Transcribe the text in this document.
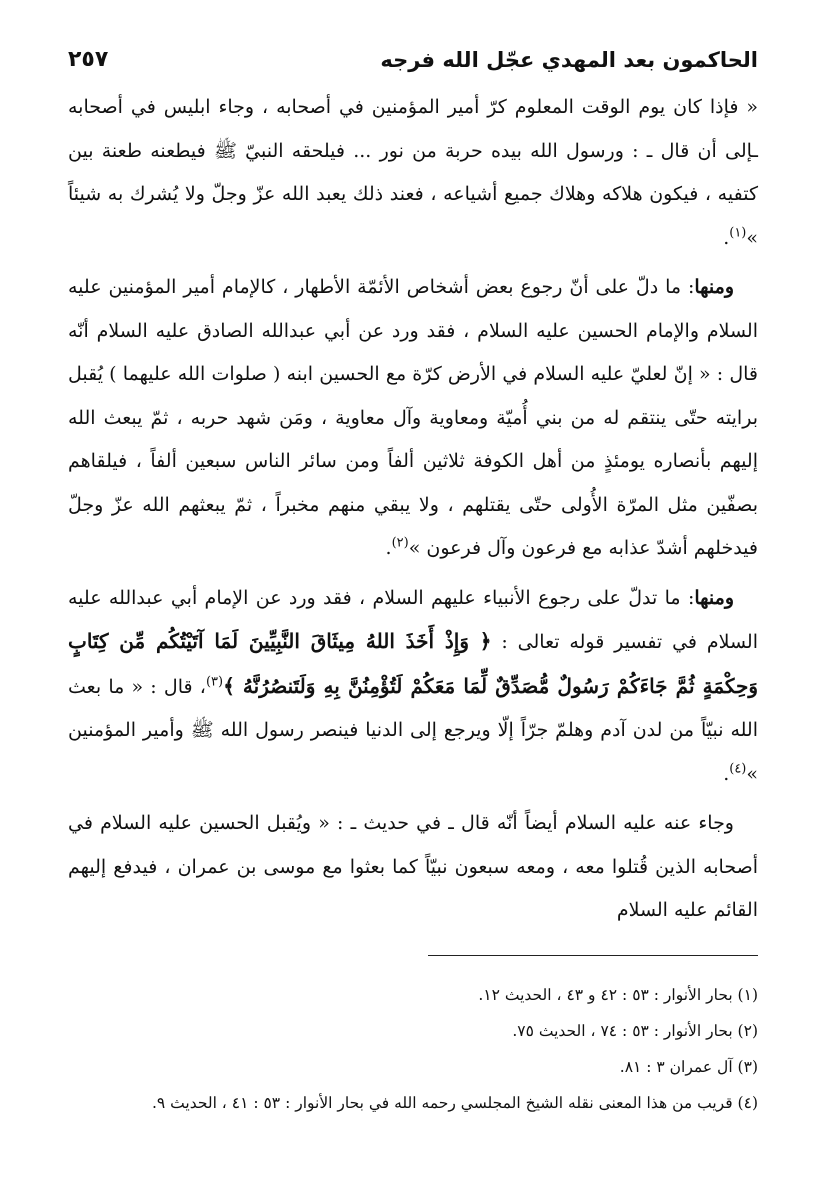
الحاكمون بعد المهدي عجّل الله فرجه
٢٥٧

« فإذا كان يوم الوقت المعلوم كرّ أمير المؤمنين في أصحابه ، وجاء ابليس في أصحابه ـإلى أن قال ـ : ورسول الله بيده حربة من نور ... فيلحقه النبيّ ﷺ فيطعنه طعنة بين كتفيه ، فيكون هلاكه وهلاك جميع أشياعه ، فعند ذلك يعبد الله عزّ وجلّ ولا يُشرك به شيئاً »$^{(١)}$.

ومنها: ما دلّ على أنّ رجوع بعض أشخاص الأئمّة الأطهار ، كالإمام أمير المؤمنين عليه السلام والإمام الحسين عليه السلام ، فقد ورد عن أبي عبدالله الصادق عليه السلام أنّه قال : « إنّ لعليّ عليه السلام في الأرض كرّة مع الحسين ابنه ( صلوات الله عليهما ) يُقبل برايته حتّى ينتقم له من بني أُميّة ومعاوية وآل معاوية ، ومَن شهد حربه ، ثمّ يبعث الله إليهم بأنصاره يومئذٍ من أهل الكوفة ثلاثين ألفاً ومن سائر الناس سبعين ألفاً ، فيلقاهم بصفّين مثل المرّة الأُولى حتّى يقتلهم ، ولا يبقي منهم مخبراً ، ثمّ يبعثهم الله عزّ وجلّ فيدخلهم أشدّ عذابه مع فرعون وآل فرعون »$^{(٢)}$.

ومنها: ما تدلّ على رجوع الأنبياء عليهم السلام ، فقد ورد عن الإمام أبي عبدالله عليه السلام في تفسير قوله تعالى : ﴿ وَإِذْ أَخَذَ اللهُ مِيثَاقَ النَّبِيِّينَ لَمَا آتَيْتُكُم مِّن كِتَابٍ وَحِكْمَةٍ ثُمَّ جَاءَكُمْ رَسُولٌ مُّصَدِّقٌ لِّمَا مَعَكُمْ لَتُؤْمِنُنَّ بِهِ وَلَتَنصُرُنَّهُ ﴾$^{(٣)}$، قال : « ما بعث الله نبيّاً من لدن آدم وهلمّ جرّاً إلّا ويرجع إلى الدنيا فينصر رسول الله ﷺ وأمير المؤمنين »$^{(٤)}$.

وجاء عنه عليه السلام أيضاً أنّه قال ـ في حديث ـ : « ويُقبل الحسين عليه السلام في أصحابه الذين قُتلوا معه ، ومعه سبعون نبيّاً كما بعثوا مع موسى بن عمران ، فيدفع إليهم القائم عليه السلام

(١) بحار الأنوار : ٥٣ : ٤٢ و ٤٣ ، الحديث ١٢.

(٢) بحار الأنوار : ٥٣ : ٧٤ ، الحديث ٧٥.

(٣) آل عمران ٣ : ٨١.

(٤) قريب من هذا المعنى نقله الشيخ المجلسي رحمه الله في بحار الأنوار : ٥٣ : ٤١ ، الحديث ٩.
